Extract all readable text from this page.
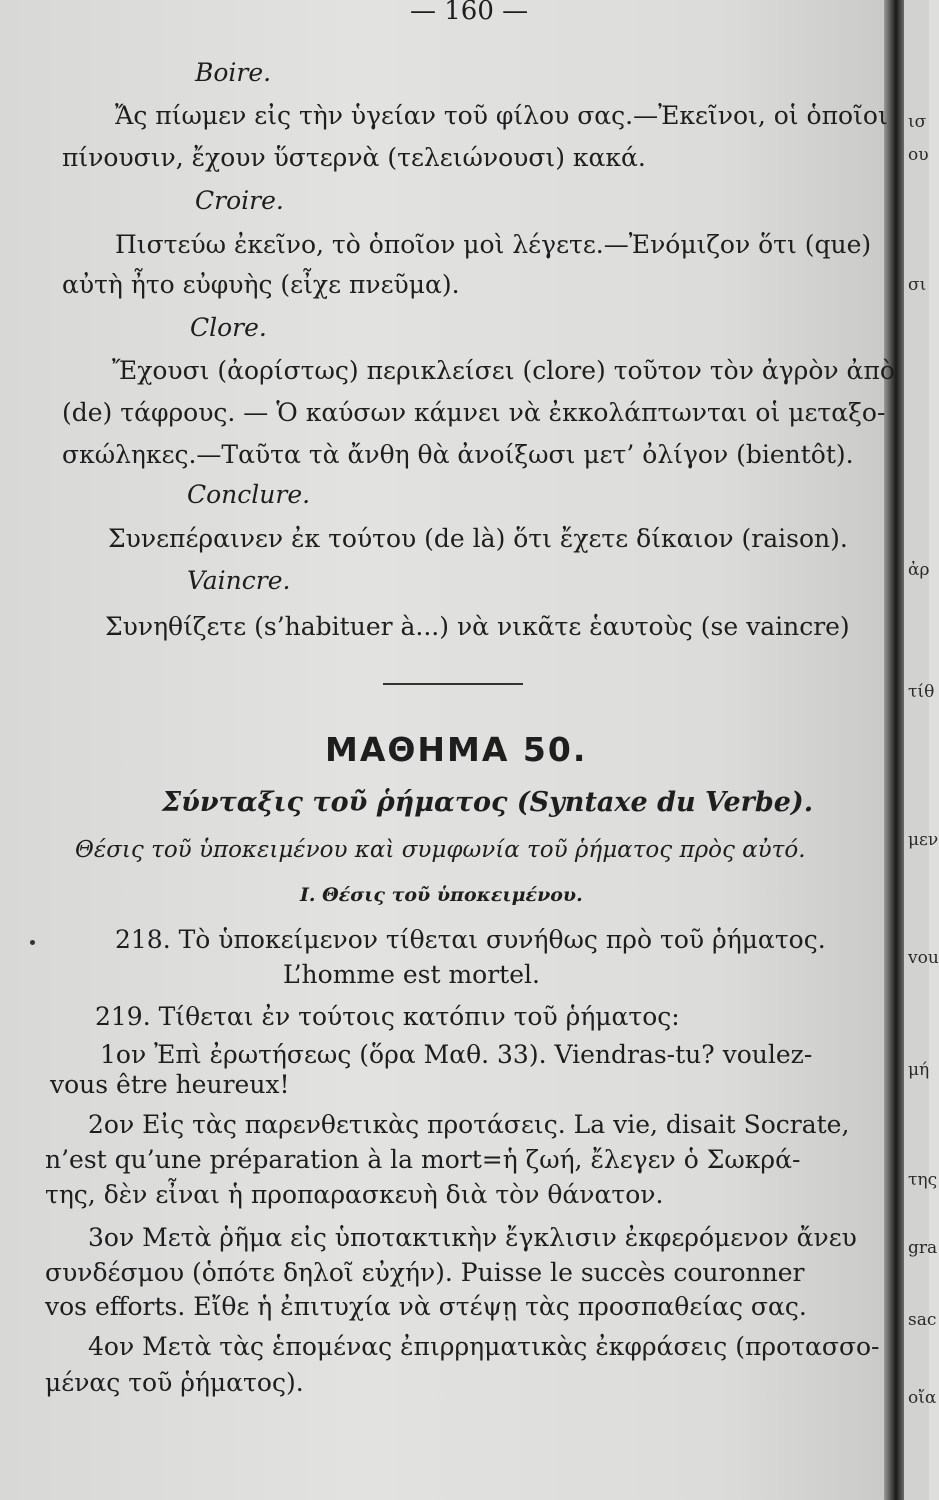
— 160 —
Boire.
Ἄς πίωμεν εἰς τὴν ὑγείαν τοῦ φίλου σας.—Ἐκεῖνοι, οἱ ὁποῖοι
πίνουσιν, ἔχουν ὕστερνὰ (τελειώνουσι) κακά.
Croire.
Πιστεύω ἐκεῖνο, τὸ ὁποῖον μοὶ λέγετε.—Ἐνόμιζον ὅτι (que)
αὐτὴ ἦτο εὐφυὴς (εἶχε πνεῦμα).
Clore.
Ἔχουσι (ἀορίστως) περικλείσει (clore) τοῦτον τὸν ἀγρὸν ἀπὸ
(de) τάφρους. — Ὁ καύσων κάμνει νὰ ἐκκολάπτωνται οἱ μεταξο-
σκώληκες.—Ταῦτα τὰ ἄνθη θὰ ἀνοίξωσι μετ’ ὀλίγον (bientôt).
Conclure.
Συνεπέραινεν ἐκ τούτου (de là) ὅτι ἔχετε δίκαιον (raison).
Vaincre.
Συνηθίζετε (s’habituer à...) νὰ νικᾶτε ἑαυτοὺς (se vaincre)
ΜΑΘΗΜΑ 50.
Σύνταξις τοῦ ῥήματος (Syntaxe du Verbe).
Θέσις τοῦ ὑποκειμένου καὶ συμφωνία τοῦ ῥήματος πρὸς αὐτό.
I. Θέσις τοῦ ὑποκειμένου.
218. Τὸ ὑποκείμενον τίθεται συνήθως πρὸ τοῦ ῥήματος.
L’homme est mortel.
219. Τίθεται ἐν τούτοις κατόπιν τοῦ ῥήματος:
1ον Ἐπὶ ἐρωτήσεως (ὅρα Μαθ. 33). Viendras-tu? voulez-
vous être heureux!
2ον Εἰς τὰς παρενθετικὰς προτάσεις. La vie, disait Socrate,
n’est qu’une préparation à la mort=ἡ ζωή, ἔλεγεν ὁ Σωκρά-
της, δὲν εἶναι ἡ προπαρασκευὴ διὰ τὸν θάνατον.
3ον Μετὰ ῥῆμα εἰς ὑποτακτικὴν ἔγκλισιν ἐκφερόμενον ἄνευ
συνδέσμου (ὁπότε δηλοῖ εὐχήν). Puisse le succès couronner
vos efforts. Εἴθε ἡ ἐπιτυχία νὰ στέψῃ τὰς προσπαθείας σας.
4ον Μετὰ τὰς ἑπομένας ἐπιρρηματικὰς ἐκφράσεις (προτασσο-
μένας τοῦ ῥήματος).
ισ
ου
σι
ἀρ
τίθ
μεν
vou
μή
της
gra
sac
οἴα
